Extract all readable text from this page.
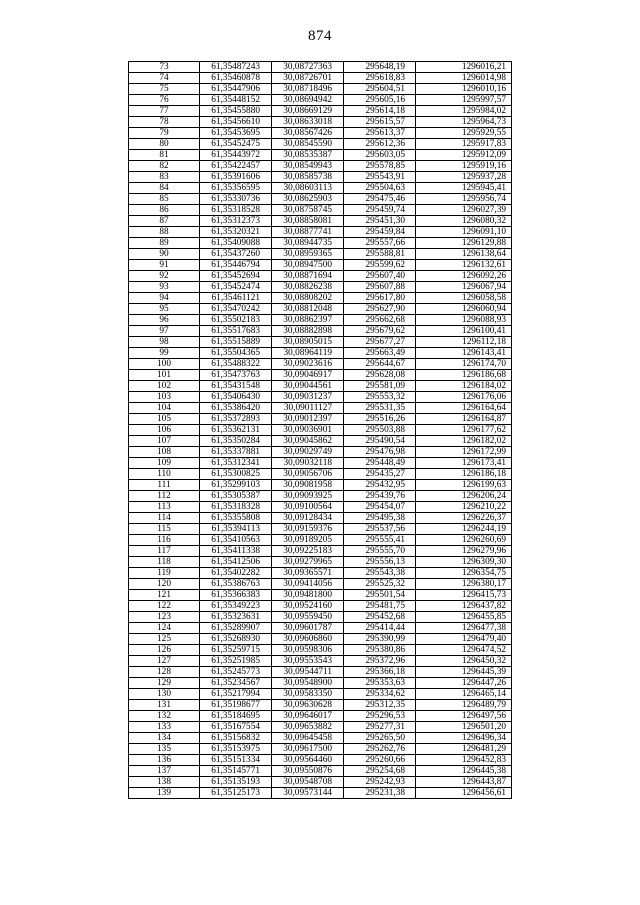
874
73	61,35487243	30,08727363	295648,19	1296016,21
74	61,35460878	30,08726701	295618,83	1296014,98
75	61,35447906	30,08718496	295604,51	1296010,16
76	61,35448152	30,08694942	295605,16	1295997,57
77	61,35455880	30,08669129	295614,18	1295984,02
78	61,35456610	30,08633018	295615,57	1295964,73
79	61,35453695	30,08567426	295613,37	1295929,55
80	61,35452475	30,08545590	295612,36	1295917,83
81	61,35443972	30,08535387	295603,05	1295912,09
82	61,35422457	30,08549943	295578,85	1295919,16
83	61,35391606	30,08585738	295543,91	1295937,28
84	61,35356595	30,08603113	295504,63	1295945,41
85	61,35330736	30,08625903	295475,46	1295956,74
86	61,35318528	30,08758745	295459,74	1296027,39
87	61,35312373	30,08858081	295451,30	1296080,32
88	61,35320321	30,08877741	295459,84	1296091,10
89	61,35409088	30,08944735	295557,66	1296129,88
90	61,35437260	30,08959365	295588,81	1296138,64
91	61,35446794	30,08947500	295599,62	1296132,61
92	61,35452694	30,08871694	295607,40	1296092,26
93	61,35452474	30,08826238	295607,88	1296067,94
94	61,35461121	30,08808202	295617,80	1296058,58
95	61,35470242	30,08812048	295627,90	1296060,94
96	61,35502183	30,08862397	295662,68	1296088,93
97	61,35517683	30,08882898	295679,62	1296100,41
98	61,35515889	30,08905015	295677,27	1296112,18
99	61,35504365	30,08964119	295663,49	1296143,41
100	61,35488322	30,09023616	295644,67	1296174,70
101	61,35473763	30,09046917	295628,08	1296186,68
102	61,35431548	30,09044561	295581,09	1296184,02
103	61,35406430	30,09031237	295553,32	1296176,06
104	61,35386420	30,09011127	295531,35	1296164,64
105	61,35372893	30,09012397	295516,26	1296164,87
106	61,35362131	30,09036901	295503,88	1296177,62
107	61,35350284	30,09045862	295490,54	1296182,02
108	61,35337881	30,09029749	295476,98	1296172,99
109	61,35312341	30,09032118	295448,49	1296173,41
110	61,35300825	30,09056706	295435,27	1296186,18
111	61,35299103	30,09081958	295432,95	1296199,63
112	61,35305387	30,09093925	295439,76	1296206,24
113	61,35318328	30,09100564	295454,07	1296210,22
114	61,35355808	30,09128434	295495,38	1296226,37
115	61,35394113	30,09159376	295537,56	1296244,19
116	61,35410563	30,09189205	295555,41	1296260,69
117	61,35411338	30,09225183	295555,70	1296279,96
118	61,35412506	30,09279965	295556,13	1296309,30
119	61,35402282	30,09365571	295543,38	1296354,75
120	61,35386763	30,09414056	295525,32	1296380,17
121	61,35366383	30,09481800	295501,54	1296415,73
122	61,35349223	30,09524160	295481,75	1296437,82
123	61,35323631	30,09559450	295452,68	1296455,85
124	61,35289907	30,09601787	295414,44	1296477,38
125	61,35268930	30,09606860	295390,99	1296479,40
126	61,35259715	30,09598306	295380,86	1296474,52
127	61,35251985	30,09553543	295372,96	1296450,32
128	61,35245773	30,09544711	295366,18	1296445,39
129	61,35234567	30,09548900	295353,63	1296447,26
130	61,35217994	30,09583350	295334,62	1296465,14
131	61,35198677	30,09630628	295312,35	1296489,79
132	61,35184695	30,09646017	295296,53	1296497,56
133	61,35167554	30,09653882	295277,31	1296501,20
134	61,35156832	30,09645458	295265,50	1296496,34
135	61,35153975	30,09617500	295262,76	1296481,29
136	61,35151334	30,09564460	295260,66	1296452,83
137	61,35145771	30,09550876	295254,68	1296445,38
138	61,35135193	30,09548708	295242,93	1296443,87
139	61,35125173	30,09573144	295231,38	1296456,61
